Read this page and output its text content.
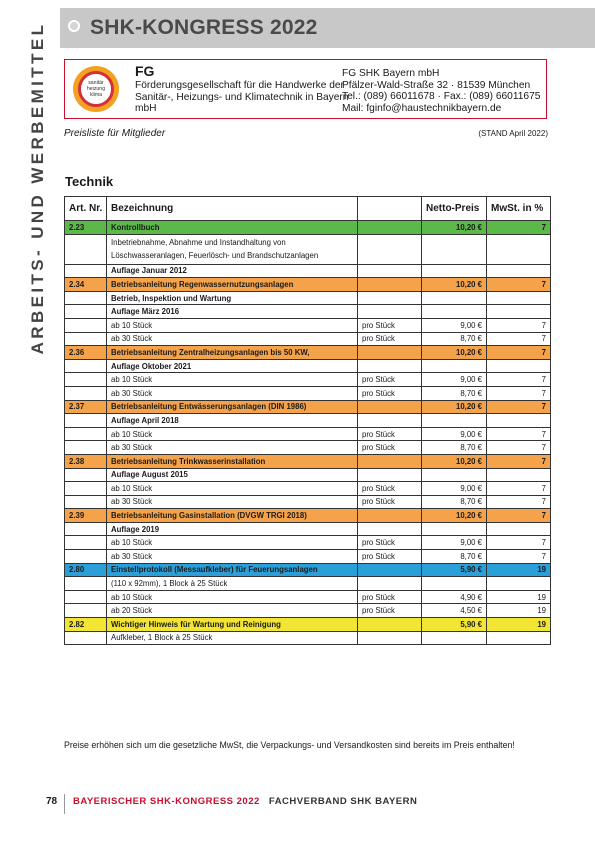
ARBEITS- UND WERBEMITTEL SHK-KONGRESS 2022
sanitär
heizung
klima
FG
Förderungsgesellschaft für die Handwerke der Sanitär-, Heizungs- und Klimatechnik in Bayern mbH
FG SHK Bayern mbH
Pfälzer-Wald-Straße 32 · 81539 München
Tel.: (089) 66011678 · Fax.: (089) 66011675
Mail: fginfo@haustechnikbayern.de
Preisliste für Mitglieder	(STAND April 2022)
Technik
Art. Nr.	Bezeichnung		Netto-Preis	MwSt. in %
2.23	Kontrollbuch		10,20 €	7
	Inbetriebnahme, Abnahme und Instandhaltung von Löschwasseranlagen, Feuerlösch- und Brandschutzanlagen			
	Auflage Januar 2012			
2.34	Betriebsanleitung Regenwassernutzungsanlagen		10,20 €	7
	Betrieb, Inspektion und Wartung			
	Auflage März 2016			
	ab 10 Stück	pro Stück	9,00 €	7
	ab 30 Stück	pro Stück	8,70 €	7
2.36	Betriebsanleitung Zentralheizungsanlagen bis 50 KW,		10,20 €	7
	Auflage Oktober 2021			
	ab 10 Stück	pro Stück	9,00 €	7
	ab 30 Stück	pro Stück	8,70 €	7
2.37	Betriebsanleitung Entwässerungsanlagen (DIN 1986)		10,20 €	7
	Auflage April 2018			
	ab 10 Stück	pro Stück	9,00 €	7
	ab 30 Stück	pro Stück	8,70 €	7
2.38	Betriebsanleitung Trinkwasserinstallation		10,20 €	7
	Auflage August 2015			
	ab 10 Stück	pro Stück	9,00 €	7
	ab 30 Stück	pro Stück	8,70 €	7
2.39	Betriebsanleitung Gasinstallation (DVGW TRGI 2018)		10,20 €	7
	Auflage 2019			
	ab 10 Stück	pro Stück	9,00 €	7
	ab 30 Stück	pro Stück	8,70 €	7
2.80	Einstellprotokoll (Messaufkleber) für Feuerungsanlagen		5,90 €	19
	(110 x 92mm), 1 Block à 25 Stück			
	ab 10 Stück	pro Stück	4,90 €	19
	ab 20 Stück	pro Stück	4,50 €	19
2.82	Wichtiger Hinweis für Wartung und Reinigung		5,90 €	19
	Aufkleber, 1 Block à 25 Stück			
Preise erhöhen sich um die gesetzliche MwSt, die Verpackungs- und Versandkosten sind bereits im Preis enthalten!
78 BAYERISCHER SHK-KONGRESS 2022 FACHVERBAND SHK BAYERN
